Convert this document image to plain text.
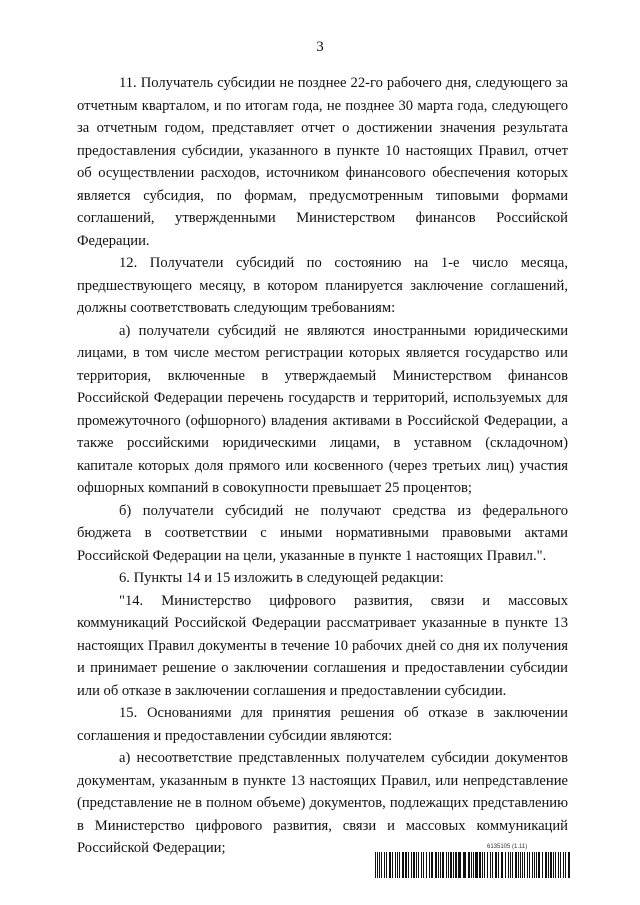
3

11. Получатель субсидии не позднее 22-го рабочего дня, следующего за отчетным кварталом, и по итогам года, не позднее 30 марта года, следующего за отчетным годом, представляет отчет о достижении значения результата предоставления субсидии, указанного в пункте 10 настоящих Правил, отчет об осуществлении расходов, источником финансового обеспечения которых является субсидия, по формам, предусмотренным типовыми формами соглашений, утвержденными Министерством финансов Российской Федерации.

12. Получатели субсидий по состоянию на 1-е число месяца, предшествующего месяцу, в котором планируется заключение соглашений, должны соответствовать следующим требованиям:

а) получатели субсидий не являются иностранными юридическими лицами, в том числе местом регистрации которых является государство или территория, включенные в утверждаемый Министерством финансов Российской Федерации перечень государств и территорий, используемых для промежуточного (офшорного) владения активами в Российской Федерации, а также российскими юридическими лицами, в уставном (складочном) капитале которых доля прямого или косвенного (через третьих лиц) участия офшорных компаний в совокупности превышает 25 процентов;

б) получатели субсидий не получают средства из федерального бюджета в соответствии с иными нормативными правовыми актами Российской Федерации на цели, указанные в пункте 1 настоящих Правил.".

6. Пункты 14 и 15 изложить в следующей редакции:

"14. Министерство цифрового развития, связи и массовых коммуникаций Российской Федерации рассматривает указанные в пункте 13 настоящих Правил документы в течение 10 рабочих дней со дня их получения и принимает решение о заключении соглашения и предоставлении субсидии или об отказе в заключении соглашения и предоставлении субсидии.

15. Основаниями для принятия решения об отказе в заключении соглашения и предоставлении субсидии являются:

а) несоответствие представленных получателем субсидии документов документам, указанным в пункте 13 настоящих Правил, или непредставление (представление не в полном объеме) документов, подлежащих представлению в Министерство цифрового развития, связи и массовых коммуникаций Российской Федерации;	6135105 (1.11)
